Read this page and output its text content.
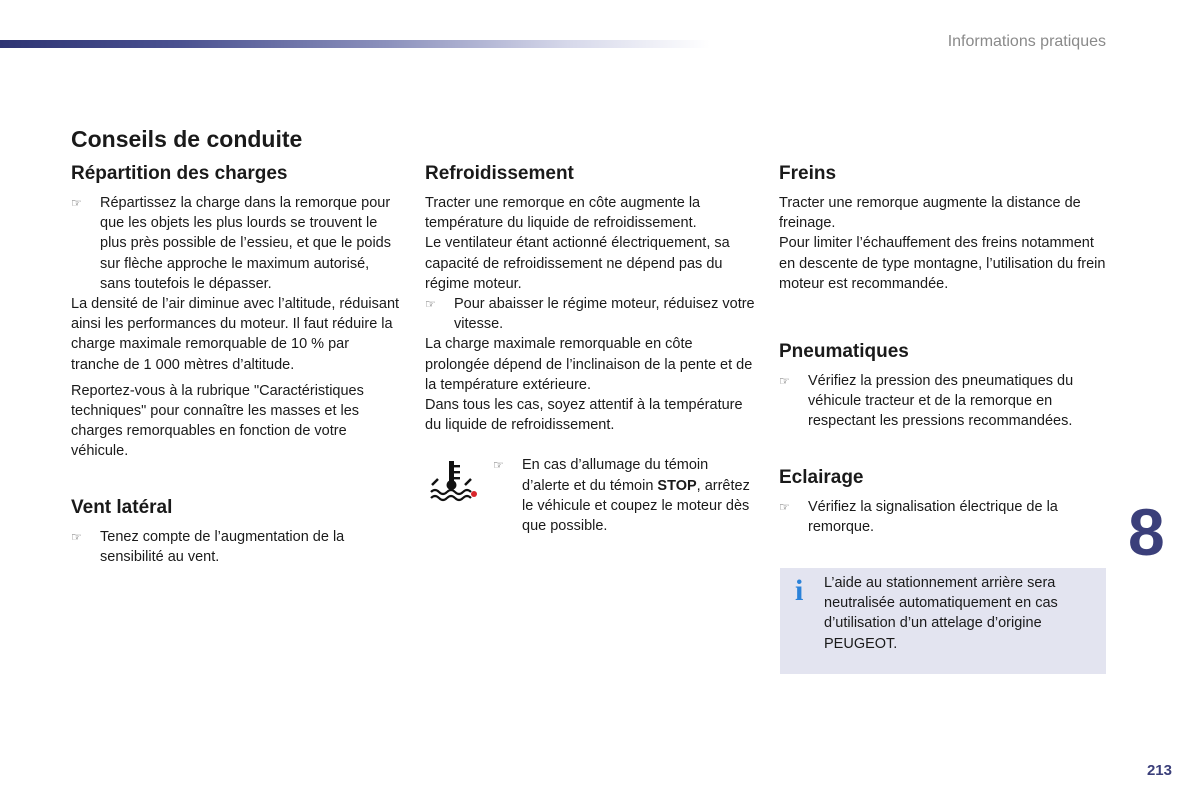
Informations pratiques
Conseils de conduite
Répartition des charges
☞ Répartissez la charge dans la remorque pour que les objets les plus lourds se trouvent le plus près possible de l’essieu, et que le poids sur flèche approche le maximum autorisé, sans toutefois le dépasser.

La densité de l’air diminue avec l’altitude, réduisant ainsi les performances du moteur. Il faut réduire la charge maximale remorquable de 10 % par tranche de 1 000 mètres d’altitude.

Reportez-vous à la rubrique "Caractéristiques techniques" pour connaître les masses et les charges remorquables en fonction de votre véhicule.

Vent latéral
☞ Tenez compte de l’augmentation de la sensibilité au vent.

Refroidissement

Tracter une remorque en côte augmente la température du liquide de refroidissement.

Le ventilateur étant actionné électriquement, sa capacité de refroidissement ne dépend pas du régime moteur.

☞ Pour abaisser le régime moteur, réduisez votre vitesse.

La charge maximale remorquable en côte prolongée dépend de l’inclinaison de la pente et de la température extérieure.

Dans tous les cas, soyez attentif à la température du liquide de refroidissement.

☞ En cas d’allumage du témoin d’alerte et du témoin STOP, arrêtez le véhicule et coupez le moteur dès que possible.

Freins

Tracter une remorque augmente la distance de freinage.

Pour limiter l’échauffement des freins notamment en descente de type montagne, l’utilisation du frein moteur est recommandée.

Pneumatiques
☞ Vérifiez la pression des pneumatiques du véhicule tracteur et de la remorque en respectant les pressions recommandées.

Eclairage
☞ Vérifiez la signalisation électrique de la remorque.

i L’aide au stationnement arrière sera neutralisée automatiquement en cas d’utilisation d’un attelage d’origine PEUGEOT.

8
213
